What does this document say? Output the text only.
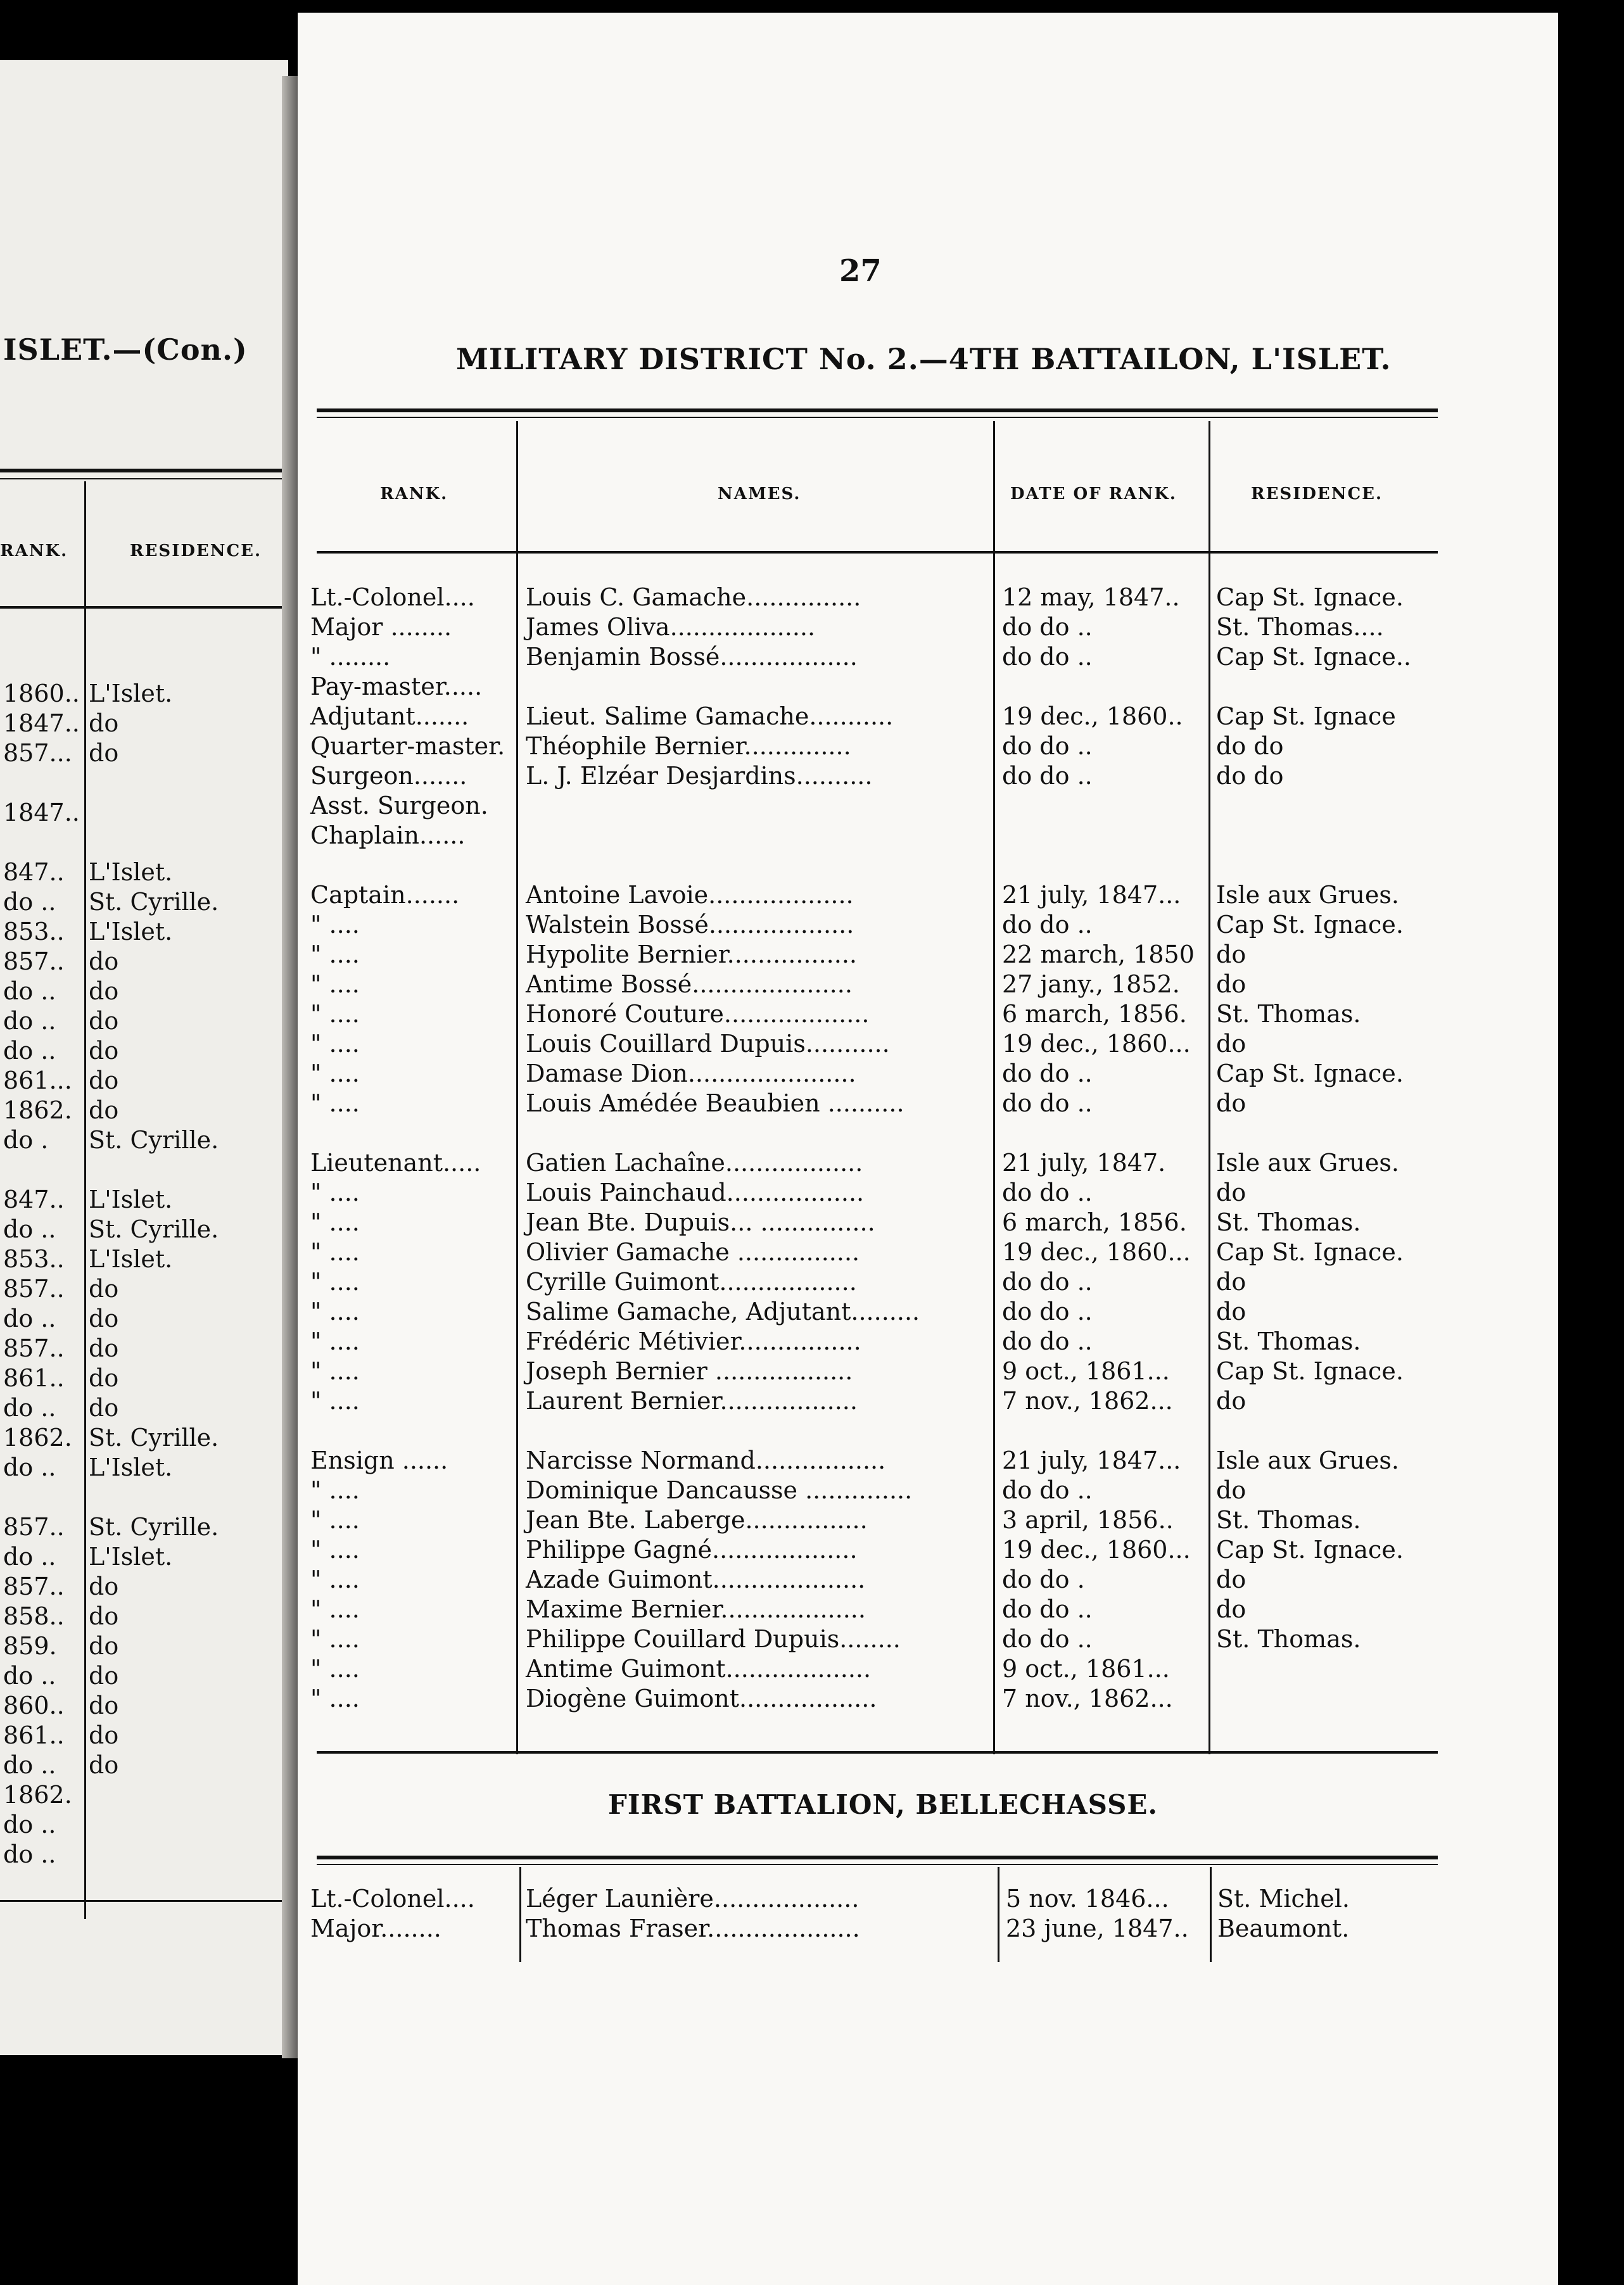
ISLET.—(Con.)
RANK.	RESIDENCE.
1860.. L'Islet.
1847.. do
857... do
1847..
847.. L'Islet.
do .. St. Cyrille.
853.. L'Islet.
857.. do
do .. do
do .. do
do .. do
861... do
1862. do
do . St. Cyrille.
847.. L'Islet.
do .. St. Cyrille.
853.. L'Islet.
857.. do
do .. do
857.. do
861.. do
do .. do
1862. St. Cyrille.
do .. L'Islet.
857.. St. Cyrille.
do .. L'Islet.
857.. do
858.. do
859. do
do .. do
860.. do
861.. do
do .. do
1862.
do ..
do ..
27
MILITARY DISTRICT No. 2.—4TH BATTAILON, L'ISLET.
RANK.	NAMES.	DATE OF RANK.	RESIDENCE.
Lt.-Colonel.... Louis C. Gamache...............	12 may, 1847.. Cap St. Ignace.
Major ........	James Oliva...................	do do ..	St. Thomas....
" ........	Benjamin Bossé..................	do do ..	Cap St. Ignace..
Pay-master.....
Adjutant....... Lieut. Salime Gamache...........	19 dec., 1860.. Cap St. Ignace
Quarter-master. Théophile Bernier..............	do do ..	do do
Surgeon....... L. J. Elzéar Desjardins..........	do do ..	do do
Asst. Surgeon.
Chaplain......
Captain.......	Antoine Lavoie...................	21 july, 1847... Isle aux Grues.
" ....	Walstein Bossé...................	do do ..	Cap St. Ignace.
" ....	Hypolite Bernier.................	22 march, 1850 do
" ....	Antime Bossé.....................	27 jany., 1852. do
" ....	Honoré Couture...................	6 march, 1856. St. Thomas.
" ....	Louis Couillard Dupuis...........	19 dec., 1860... do
" ....	Damase Dion......................	do do ..	Cap St. Ignace.
" ....	Louis Amédée Beaubien ..........	do do ..	do
Lieutenant..... Gatien Lachaîne..................	21 july, 1847. Isle aux Grues.
" ....	Louis Painchaud..................	do do ..	do
" ....	Jean Bte. Dupuis... ...............	6 march, 1856. St. Thomas.
" ....	Olivier Gamache ................	19 dec., 1860... Cap St. Ignace.
" ....	Cyrille Guimont..................	do do ..	do
" ....	Salime Gamache, Adjutant.........	do do ..	do
" ....	Frédéric Métivier................	do do ..	St. Thomas.
" ....	Joseph Bernier ..................	9 oct., 1861... Cap St. Ignace.
" ....	Laurent Bernier..................	7 nov., 1862... do
Ensign ......	Narcisse Normand.................	21 july, 1847... Isle aux Grues.
" ....	Dominique Dancausse ..............	do do ..	do
" ....	Jean Bte. Laberge................	3 april, 1856.. St. Thomas.
" ....	Philippe Gagné...................	19 dec., 1860... Cap St. Ignace.
" ....	Azade Guimont....................	do do .	do
" ....	Maxime Bernier...................	do do ..	do
" ....	Philippe Couillard Dupuis........	do do ..	St. Thomas.
" ....	Antime Guimont...................	9 oct., 1861...
" ....	Diogène Guimont..................	7 nov., 1862...
FIRST BATTALION, BELLECHASSE.
Lt.-Colonel.... Léger Launière...................	5 nov. 1846... St. Michel.
Major........	Thomas Fraser....................	23 june, 1847.. Beaumont.
